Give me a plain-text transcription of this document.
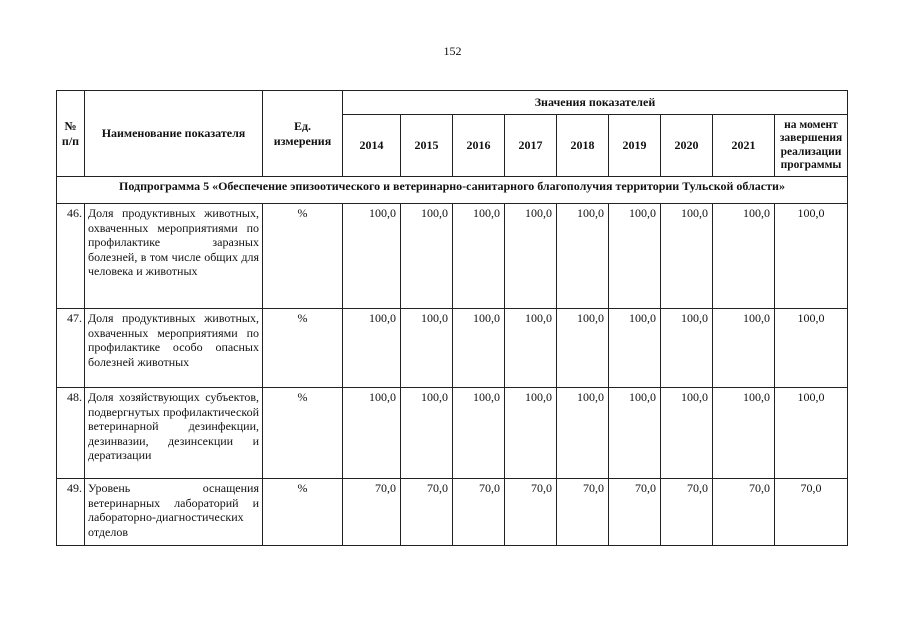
152
№ п/п	Наименование показателя	Ед. измерения	Значения показателей								
			2014	2015	2016	2017	2018	2019	2020	2021	на момент завершения реализации программы
Подпрограмма 5 «Обеспечение эпизоотического и ветеринарно-санитарного благополучия территории Тульской области»											
46.	Доля продуктивных животных, охваченных мероприятиями по профилактике заразных болезней, в том числе общих для человека и животных	%	100,0	100,0	100,0	100,0	100,0	100,0	100,0	100,0	100,0
47.	Доля продуктивных животных, охваченных мероприятиями по профилактике особо опасных болезней животных	%	100,0	100,0	100,0	100,0	100,0	100,0	100,0	100,0	100,0
48.	Доля хозяйствующих субъектов, подвергнутых профилактической ветеринарной дезинфекции, дезинвазии, дезинсекции и дератизации	%	100,0	100,0	100,0	100,0	100,0	100,0	100,0	100,0	100,0
49.	Уровень оснащения ветеринарных лабораторий и лабораторно-диагностических отделов	%	70,0	70,0	70,0	70,0	70,0	70,0	70,0	70,0	70,0
